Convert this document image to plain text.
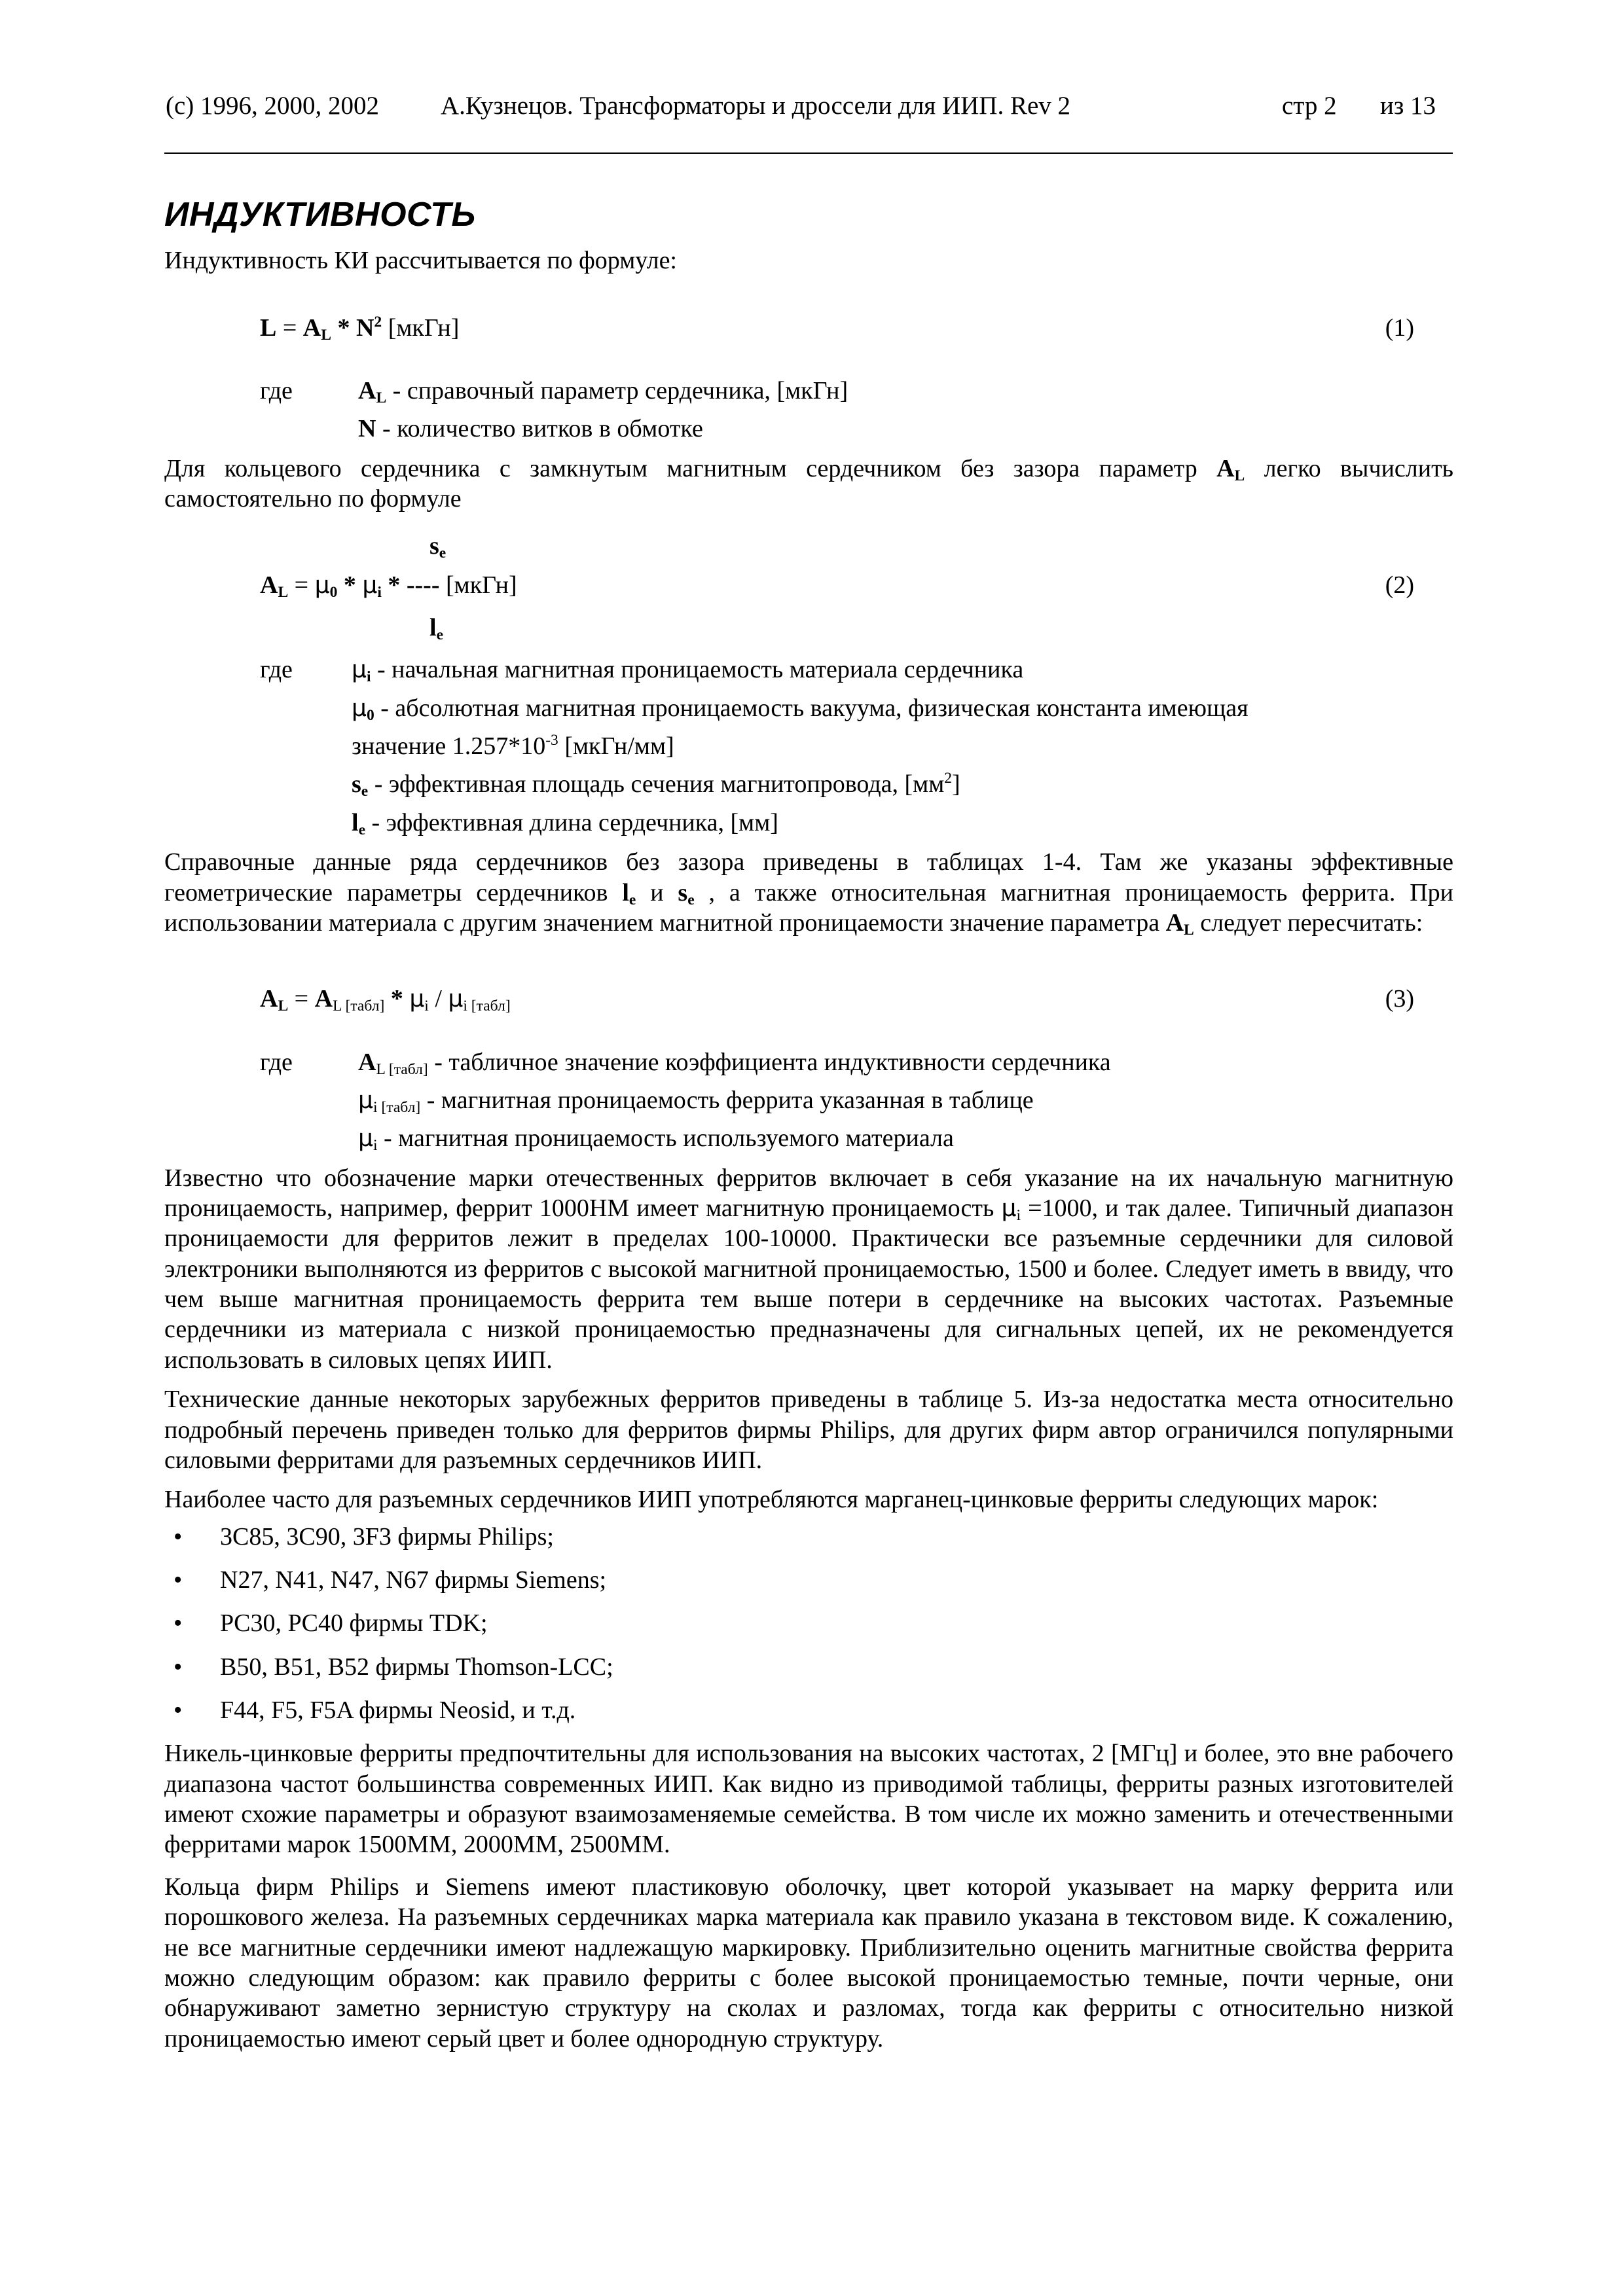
(c) 1996, 2000, 2002 А.Кузнецов. Трансформаторы и дроссели для ИИП. Rev 2	стр 2 из 13
ИНДУКТИВНОСТЬ

Индуктивность КИ рассчитывается по формуле:

$L = A_L * N^2$ [мкГн]	(1)
где	$A_L$ - справочный параметр сердечника, [мкГн]
N - количество витков в обмотке

Для кольцевого сердечника с замкнутым магнитным сердечником без зазора параметр $A_L$ легко вычислить самостоятельно по формуле

$s_e$
$A_L = \mu_0 * \mu_i$ * ---- [мкГн]
$l_e$
(2)
где	$\mu_i$ - начальная магнитная проницаемость материала сердечника
$\mu_0$ - абсолютная магнитная проницаемость вакуума, физическая константа имеющая
значение $1.257*10^{-3}$ [мкГн/мм]
$s_e$ - эффективная площадь сечения магнитопровода, $[мм^2]$
$l_e$ - эффективная длина сердечника, [мм]

Справочные данные ряда сердечников без зазора приведены в таблицах 1-4. Там же указаны эффективные геометрические параметры сердечников $l_e$ и $s_e$ , а также относительная магнитная проницаемость феррита. При использовании материала с другим значением магнитной проницаемости значение параметра $A_L$ следует пересчитать:

$A_L = A_{L [табл]} * \mu_i / \mu_{i [табл]}$	(3)
где	$A_{L [табл]}$ - табличное значение коэффициента индуктивности сердечника
$\mu_{i [табл]}$ - магнитная проницаемость феррита указанная в таблице
$\mu_i$ - магнитная проницаемость используемого материала

Известно что обозначение марки отечественных ферритов включает в себя указание на их начальную магнитную проницаемость, например, феррит 1000НМ имеет магнитную проницаемость $\mu_i =1000$, и так далее. Типичный диапазон проницаемости для ферритов лежит в пределах 100-10000. Практически все разъемные сердечники для силовой электроники выполняются из ферритов с высокой магнитной проницаемостью, 1500 и более. Следует иметь в ввиду, что чем выше магнитная проницаемость феррита тем выше потери в сердечнике на высоких частотах. Разъемные сердечники из материала с низкой проницаемостью предназначены для сигнальных цепей, их не рекомендуется использовать в силовых цепях ИИП.

Технические данные некоторых зарубежных ферритов приведены в таблице 5. Из-за недостатка места относительно подробный перечень приведен только для ферритов фирмы Philips, для других фирм автор ограничился популярными силовыми ферритами для разъемных сердечников ИИП.

Наиболее часто для разъемных сердечников ИИП употребляются марганец-цинковые ферриты следующих марок:

• 3C85, 3C90, 3F3 фирмы Philips;
• N27, N41, N47, N67 фирмы Siemens;
• PC30, PC40 фирмы TDK;
• B50, B51, B52 фирмы Thomson-LCC;
• F44, F5, F5A фирмы Neosid, и т.д.

Никель-цинковые ферриты предпочтительны для использования на высоких частотах, 2 [МГц] и более, это вне рабочего диапазона частот большинства современных ИИП. Как видно из приводимой таблицы, ферриты разных изготовителей имеют схожие параметры и образуют взаимозаменяемые семейства. В том числе их можно заменить и отечественными ферритами марок 1500ММ, 2000ММ, 2500ММ.

Кольца фирм Philips и Siemens имеют пластиковую оболочку, цвет которой указывает на марку феррита или порошкового железа. На разъемных сердечниках марка материала как правило указана в текстовом виде. К сожалению, не все магнитные сердечники имеют надлежащую маркировку. Приблизительно оценить магнитные свойства феррита можно следующим образом: как правило ферриты с более высокой проницаемостью темные, почти черные, они обнаруживают заметно зернистую структуру на сколах и разломах, тогда как ферриты с относительно низкой проницаемостью имеют серый цвет и более однородную структуру.
